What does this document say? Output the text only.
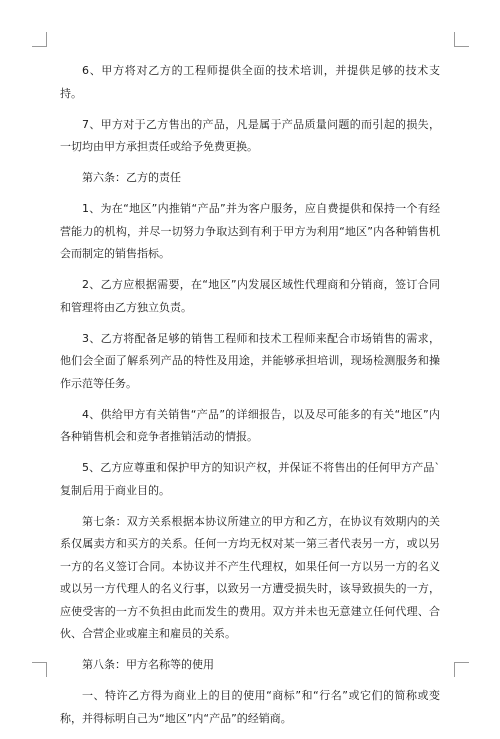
6、甲方将对乙方的工程师提供全面的技术培训，并提供足够的技术支持。

7、甲方对于乙方售出的产品，凡是属于产品质量问题的而引起的损失，一切均由甲方承担责任或给予免费更换。

第六条：乙方的责任

1、为在“地区”内推销“产品”并为客户服务，应自费提供和保持一个有经营能力的机构，并尽一切努力争取达到有利于甲方为利用“地区”内各种销售机会而制定的销售指标。

2、乙方应根据需要，在“地区”内发展区域性代理商和分销商，签订合同和管理将由乙方独立负责。

3、乙方将配备足够的销售工程师和技术工程师来配合市场销售的需求，他们会全面了解系列产品的特性及用途，并能够承担培训，现场检测服务和操作示范等任务。

4、供给甲方有关销售“产品”的详细报告，以及尽可能多的有关“地区”内各种销售机会和竞争者推销活动的情报。

5、乙方应尊重和保护甲方的知识产权，并保证不将售出的任何甲方产品`复制后用于商业目的。

第七条：双方关系根据本协议所建立的甲方和乙方，在协议有效期内的关系仅属卖方和买方的关系。任何一方均无权对某一第三者代表另一方，或以另一方的名义签订合同。本协议并不产生代理权，如果任何一方以另一方的名义或以另一方代理人的名义行事，以致另一方遭受损失时，该导致损失的一方，应使受害的一方不负担由此而发生的费用。双方并未也无意建立任何代理、合伙、合营企业或雇主和雇员的关系。

第八条：甲方名称等的使用

一、特许乙方得为商业上的目的使用“商标”和“行名”或它们的简称或变称，并得标明自己为“地区”内“产品”的经销商。
